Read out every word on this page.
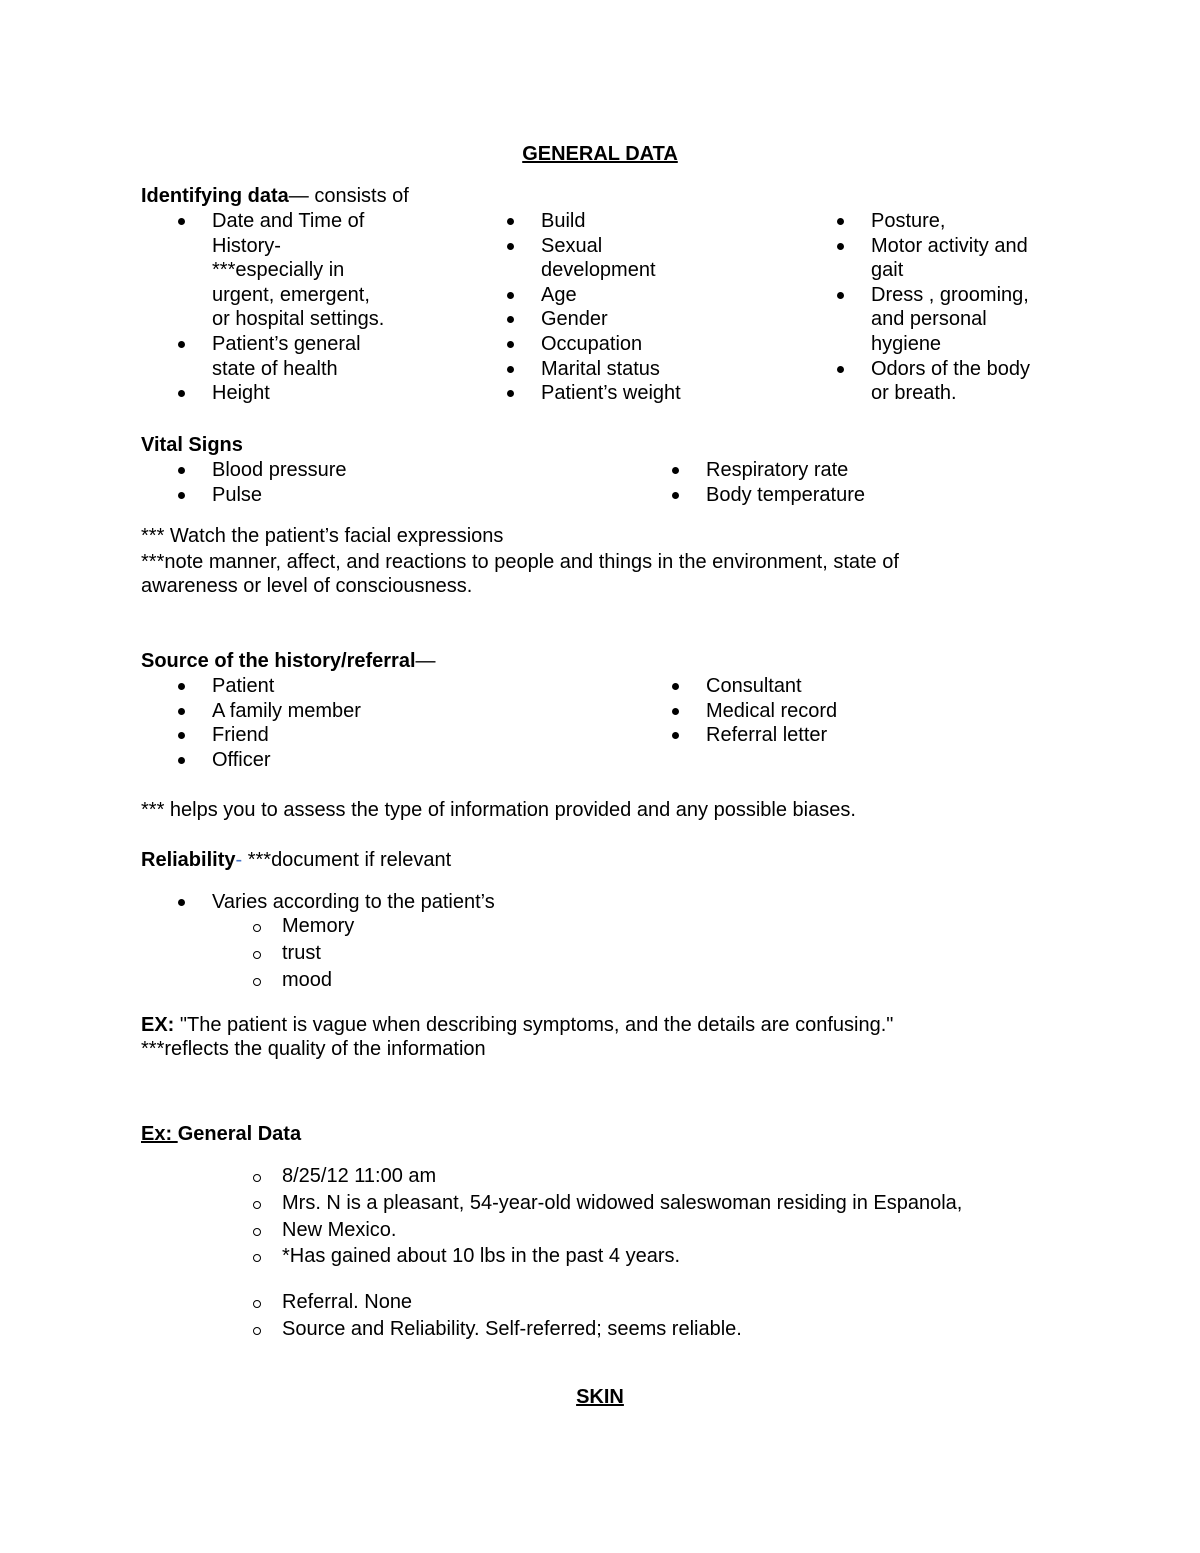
GENERAL DATA
Identifying data— consists of
Date and Time of
History-
***especially in
urgent, emergent,
or hospital settings.
Patient’s general
state of health
Height
Build
Sexual
development
Age
Gender
Occupation
Marital status
Patient’s weight
Posture,
Motor activity and
gait
Dress , grooming,
and personal
hygiene
Odors of the body
or breath.
Vital Signs
Blood pressure
Pulse
Respiratory rate
Body temperature
*** Watch the patient’s facial expressions
***note manner, affect, and reactions to people and things in the environment, state of
awareness or level of consciousness.
Source of the history/referral—
Patient
A family member
Friend
Officer
Consultant
Medical record
Referral letter
*** helps you to assess the type of information provided and any possible biases.
Reliability- ***document if relevant
Varies according to the patient’s
Memory
trust
mood
EX: "The patient is vague when describing symptoms, and the details are confusing."
***reflects the quality of the information
Ex: General Data
8/25/12 11:00 am
Mrs. N is a pleasant, 54-year-old widowed saleswoman residing in Espanola,
New Mexico.
*Has gained about 10 lbs in the past 4 years.
Referral. None
Source and Reliability. Self-referred; seems reliable.
SKIN
